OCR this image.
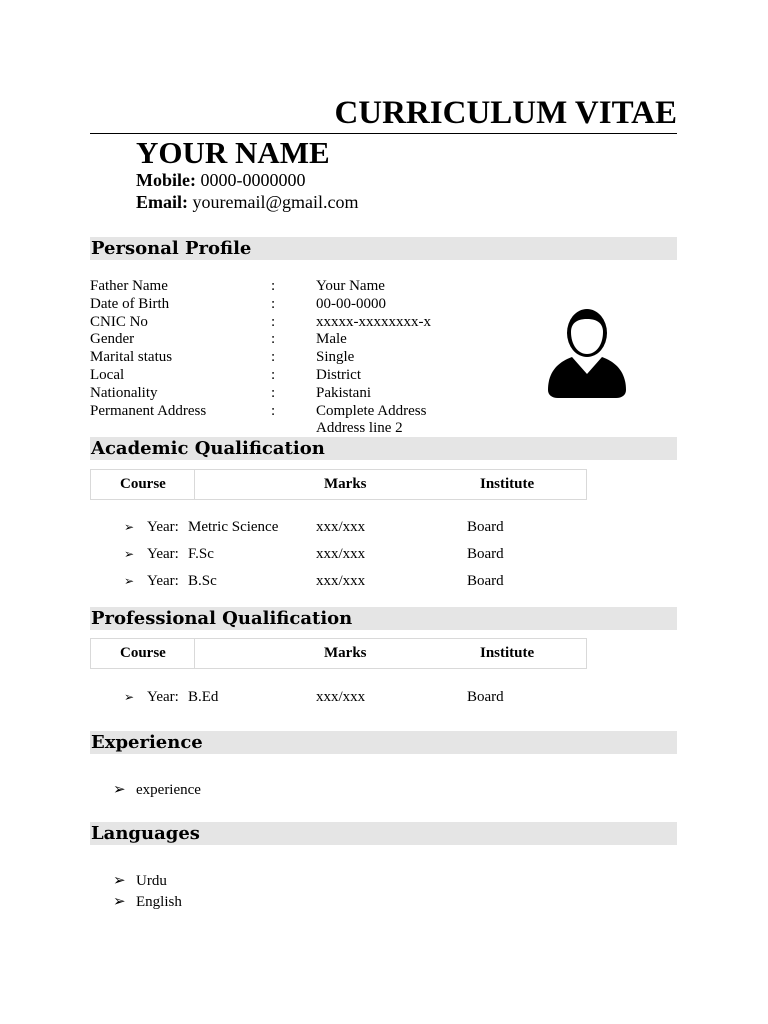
CURRICULUM VITAE
YOUR NAME
Mobile: 0000-0000000
Email: youremail@gmail.com
Personal Profile
Father Name	:	Your Name
Date of Birth	:	00-00-0000
CNIC No	:	xxxxx-xxxxxxxx-x
Gender	:	Male
Marital status	:	Single
Local	:	District
Nationality	:	Pakistani
Permanent Address	:	Complete Address
Address line 2
Academic Qualification
Course	Marks	Institute
➢ Year: Metric Science	xxx/xxx	Board
➢ Year: F.Sc	xxx/xxx	Board
➢ Year: B.Sc	xxx/xxx	Board
Professional Qualification
Course	Marks	Institute
➢ Year: B.Ed	xxx/xxx	Board
Experience
➢ experience
Languages
➢ Urdu
➢ English
